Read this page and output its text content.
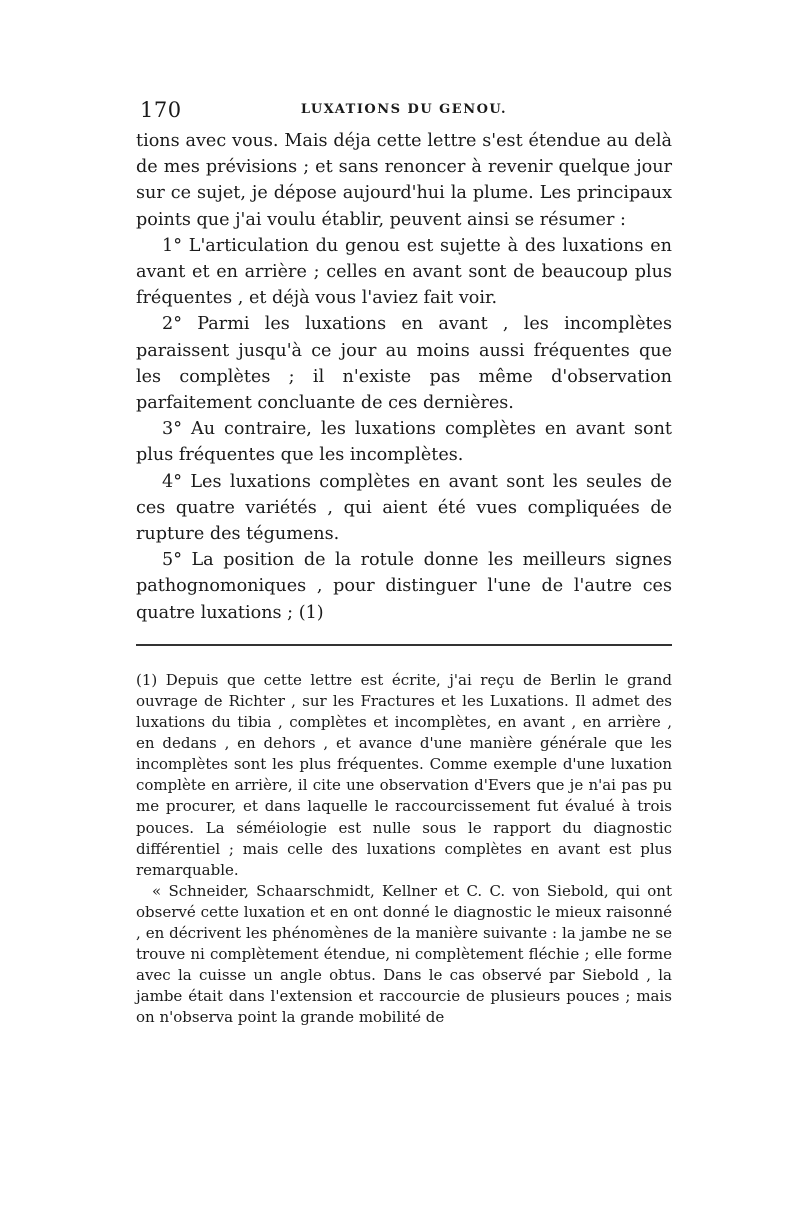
170	LUXATIONS DU GENOU.

tions avec vous. Mais déja cette lettre s'est étendue au delà de mes prévisions ; et sans renoncer à revenir quelque jour sur ce sujet, je dépose aujourd'hui la plume. Les principaux points que j'ai voulu établir, peuvent ainsi se résumer :

1° L'articulation du genou est sujette à des luxations en avant et en arrière ; celles en avant sont de beaucoup plus fréquentes , et déjà vous l'aviez fait voir.

2° Parmi les luxations en avant , les incomplètes paraissent jusqu'à ce jour au moins aussi fréquentes que les complètes ; il n'existe pas même d'observation parfaitement concluante de ces dernières.

3° Au contraire, les luxations complètes en avant sont plus fréquentes que les incomplètes.

4° Les luxations complètes en avant sont les seules de ces quatre variétés , qui aient été vues compliquées de rupture des tégumens.

5° La position de la rotule donne les meilleurs signes pathognomoniques , pour distinguer l'une de l'autre ces quatre luxations ; (1)

(1) Depuis que cette lettre est écrite, j'ai reçu de Berlin le grand ouvrage de Richter , sur les Fractures et les Luxations. Il admet des luxations du tibia , complètes et incomplètes, en avant , en arrière , en dedans , en dehors , et avance d'une manière générale que les incomplètes sont les plus fréquentes. Comme exemple d'une luxation complète en arrière, il cite une observation d'Evers que je n'ai pas pu me procurer, et dans laquelle le raccourcissement fut évalué à trois pouces. La séméiologie est nulle sous le rapport du diagnostic différentiel ; mais celle des luxations complètes en avant est plus remarquable.

« Schneider, Schaarschmidt, Kellner et C. C. von Siebold, qui ont observé cette luxation et en ont donné le diagnostic le mieux raisonné , en décrivent les phénomènes de la manière suivante : la jambe ne se trouve ni complètement étendue, ni complètement fléchie ; elle forme avec la cuisse un angle obtus. Dans le cas observé par Siebold , la jambe était dans l'extension et raccourcie de plusieurs pouces ; mais on n'observa point la grande mobilité de
